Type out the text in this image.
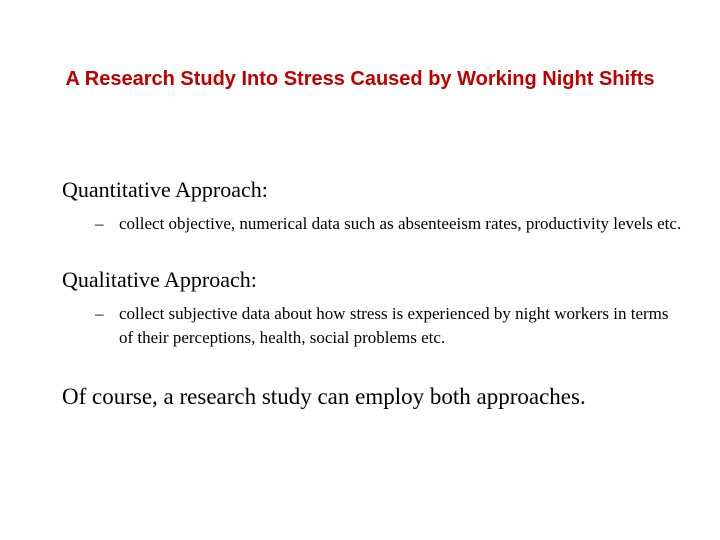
A Research Study Into Stress Caused by Working Night Shifts

Quantitative Approach:

– collect objective, numerical data such as absenteeism rates, productivity levels etc.

Qualitative Approach:

– collect subjective data about how stress is experienced by night workers in terms of their perceptions, health, social problems etc.

Of course, a research study can employ both approaches.
